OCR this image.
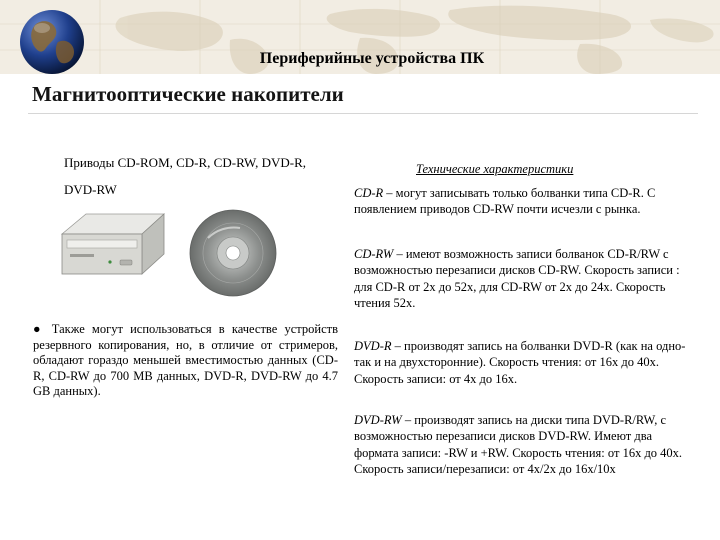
Периферийные устройства ПК
Магнитооптические накопители
Приводы CD-ROM, CD-R, CD-RW, DVD-R,
DVD-RW
● Также могут использоваться в качестве устройств резервного копирования, но, в отличие от стримеров, обладают гораздо меньшей вместимостью данных (CD-R, CD-RW до 700 MB данных, DVD-R, DVD-RW до 4.7 GB данных).
Технические характеристики
CD-R – могут записывать только болванки типа CD-R. С появлением приводов CD-RW почти исчезли с рынка.
CD-RW – имеют возможность записи болванок CD-R/RW с возможностью перезаписи дисков CD-RW. Скорость записи : для CD-R от 2x до 52x, для CD-RW от 2x до 24x. Скорость чтения 52x.
DVD-R – производят запись на болванки DVD-R (как на одно- так и на двухсторонние). Скорость чтения: от 16x до 40x. Скорость записи: от 4x до 16x.
DVD-RW – производят запись на диски типа DVD-R/RW, с возможностью перезаписи дисков DVD-RW. Имеют два формата записи: -RW и +RW. Скорость чтения: от 16x до 40x. Скорость записи/перезаписи: от 4x/2x до 16x/10x
